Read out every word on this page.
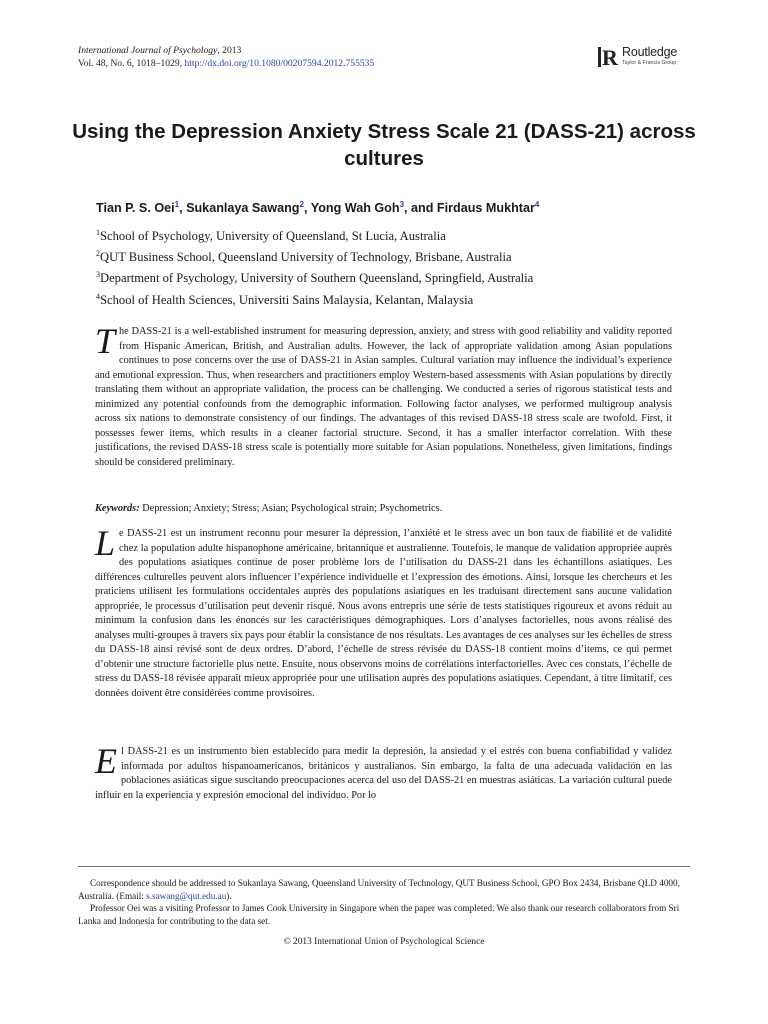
International Journal of Psychology, 2013
Vol. 48, No. 6, 1018–1029, http://dx.doi.org/10.1080/00207594.2012.755535	R Routledge
Taylor & Francis Group
Using the Depression Anxiety Stress Scale 21 (DASS-21) across cultures
Tian P. S. Oei$^1$, Sukanlaya Sawang$^2$, Yong Wah Goh$^3$, and Firdaus Mukhtar$^4$
$^1$School of Psychology, University of Queensland, St Lucia, Australia
$^2$QUT Business School, Queensland University of Technology, Brisbane, Australia
$^3$Department of Psychology, University of Southern Queensland, Springfield, Australia
$^4$School of Health Sciences, Universiti Sains Malaysia, Kelantan, Malaysia

The DASS-21 is a well-established instrument for measuring depression, anxiety, and stress with good reliability and validity reported from Hispanic American, British, and Australian adults. However, the lack of appropriate validation among Asian populations continues to pose concerns over the use of DASS-21 in Asian samples. Cultural variation may influence the individual’s experience and emotional expression. Thus, when researchers and practitioners employ Western-based assessments with Asian populations by directly translating them without an appropriate validation, the process can be challenging. We conducted a series of rigorous statistical tests and minimized any potential confounds from the demographic information. Following factor analyses, we performed multigroup analysis across six nations to demonstrate consistency of our findings. The advantages of this revised DASS-18 stress scale are twofold. First, it possesses fewer items, which results in a cleaner factorial structure. Second, it has a smaller interfactor correlation. With these justifications, the revised DASS-18 stress scale is potentially more suitable for Asian populations. Nonetheless, given limitations, findings should be considered preliminary.

Keywords: Depression; Anxiety; Stress; Asian; Psychological strain; Psychometrics.

Le DASS-21 est un instrument reconnu pour mesurer la dépression, l’anxiété et le stress avec un bon taux de fiabilité et de validité chez la population adulte hispanophone américaine, britannique et australienne. Toutefois, le manque de validation appropriée auprès des populations asiatiques continue de poser problème lors de l’utilisation du DASS-21 dans les échantillons asiatiques. Les différences culturelles peuvent alors influencer l’expérience individuelle et l’expression des émotions. Ainsi, lorsque les chercheurs et les praticiens utilisent les formulations occidentales auprès des populations asiatiques en les traduisant directement sans aucune validation appropriée, le processus d’utilisation peut devenir risqué. Nous avons entrepris une série de tests statistiques rigoureux et avons réduit au minimum la confusion dans les énoncés sur les caractéristiques démographiques. Lors d’analyses factorielles, nous avons réalisé des analyses multi-groupes à travers six pays pour établir la consistance de nos résultats. Les avantages de ces analyses sur les échelles de stress du DASS-18 ainsi révisé sont de deux ordres. D’abord, l’échelle de stress révisée du DASS-18 contient moins d’items, ce qui permet d’obtenir une structure factorielle plus nette. Ensuite, nous observons moins de corrélations interfactorielles. Avec ces constats, l’échelle de stress du DASS-18 révisée apparaît mieux appropriée pour une utilisation auprès des populations asiatiques. Cependant, à titre limitatif, ces données doivent être considérées comme provisoires.

El DASS-21 es un instrumento bien establecido para medir la depresión, la ansiedad y el estrés con buena confiabilidad y validez informada por adultos hispanoamericanos, británicos y australianos. Sin embargo, la falta de una adecuada validación en las poblaciones asiáticas sigue suscitando preocupaciones acerca del uso del DASS-21 en muestras asiáticas. La variación cultural puede influir en la experiencia y expresión emocional del individuo. Por lo

Correspondence should be addressed to Sukanlaya Sawang, Queensland University of Technology, QUT Business School, GPO Box 2434, Brisbane QLD 4000, Australia. (Email: s.sawang@qut.edu.au).

Professor Oei was a visiting Professor to James Cook University in Singapore when the paper was completed. We also thank our research collaborators from Sri Lanka and Indonesia for contributing to the data set.

© 2013 International Union of Psychological Science
